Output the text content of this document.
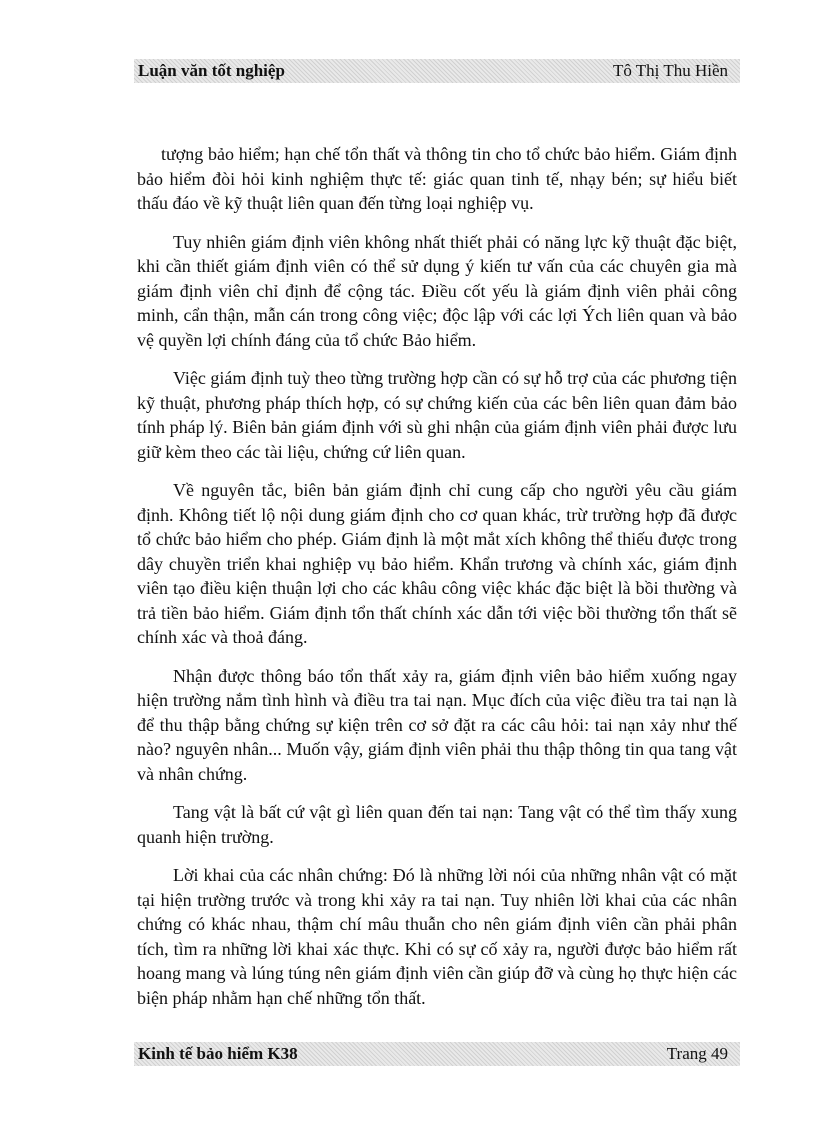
Luận văn tốt nghiệp	Tô Thị Thu Hiền

tượng bảo hiểm; hạn chế tổn thất và thông tin cho tổ chức bảo hiểm. Giám định bảo hiểm đòi hỏi kinh nghiệm thực tế: giác quan tinh tế, nhạy bén; sự hiểu biết thấu đáo về kỹ thuật liên quan đến từng loại nghiệp vụ.

Tuy nhiên giám định viên không nhất thiết phải có năng lực kỹ thuật đặc biệt, khi cần thiết giám định viên có thể sử dụng ý kiến tư vấn của các chuyên gia mà giám định viên chỉ định để cộng tác. Điều cốt yếu là giám định viên phải công minh, cẩn thận, mẫn cán trong công việc; độc lập với các lợi Ých liên quan và bảo vệ quyền lợi chính đáng của tổ chức Bảo hiểm.

Việc giám định tuỳ theo từng trường hợp cần có sự hỗ trợ của các phương tiện kỹ thuật, phương pháp thích hợp, có sự chứng kiến của các bên liên quan đảm bảo tính pháp lý. Biên bản giám định với sù ghi nhận của giám định viên phải được lưu giữ kèm theo các tài liệu, chứng cứ liên quan.

Về nguyên tắc, biên bản giám định chỉ cung cấp cho người yêu cầu giám định. Không tiết lộ nội dung giám định cho cơ quan khác, trừ trường hợp đã được tổ chức bảo hiểm cho phép. Giám định là một mắt xích không thể thiếu được trong dây chuyền triển khai nghiệp vụ bảo hiểm. Khẩn trương và chính xác, giám định viên tạo điều kiện thuận lợi cho các khâu công việc khác đặc biệt là bồi thường và trả tiền bảo hiểm. Giám định tổn thất chính xác dẫn tới việc bồi thường tổn thất sẽ chính xác và thoả đáng.

Nhận được thông báo tổn thất xảy ra, giám định viên bảo hiểm xuống ngay hiện trường nắm tình hình và điều tra tai nạn. Mục đích của việc điều tra tai nạn là để thu thập bằng chứng sự kiện trên cơ sở đặt ra các câu hỏi: tai nạn xảy như thế nào? nguyên nhân... Muốn vậy, giám định viên phải thu thập thông tin qua tang vật và nhân chứng.

Tang vật là bất cứ vật gì liên quan đến tai nạn: Tang vật có thể tìm thấy xung quanh hiện trường.

Lời khai của các nhân chứng: Đó là những lời nói của những nhân vật có mặt tại hiện trường trước và trong khi xảy ra tai nạn. Tuy nhiên lời khai của các nhân chứng có khác nhau, thậm chí mâu thuẫn cho nên giám định viên cần phải phân tích, tìm ra những lời khai xác thực. Khi có sự cố xảy ra, người được bảo hiểm rất hoang mang và lúng túng nên giám định viên cần giúp đỡ và cùng họ thực hiện các biện pháp nhằm hạn chế những tổn thất.

Kinh tế bảo hiểm K38	Trang 49
